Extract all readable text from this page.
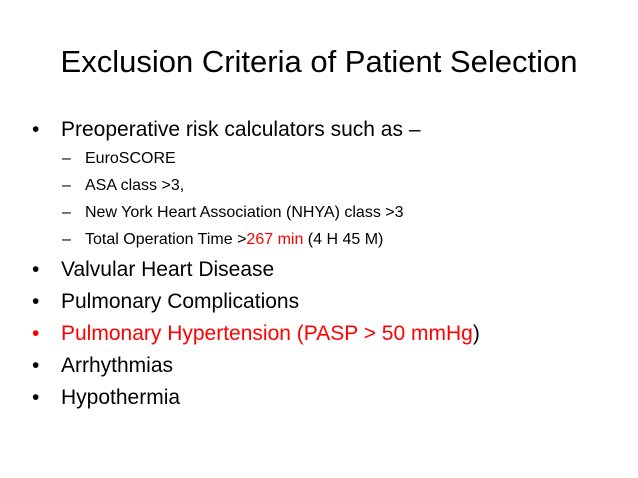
Exclusion Criteria of Patient Selection
• Preoperative risk calculators such as –
– EuroSCORE
– ASA class >3,
– New York Heart Association (NHYA) class >3
– Total Operation Time >267 min (4 H 45 M)
• Valvular Heart Disease
• Pulmonary Complications
• Pulmonary Hypertension (PASP > 50 mmHg)
• Arrhythmias
• Hypothermia
